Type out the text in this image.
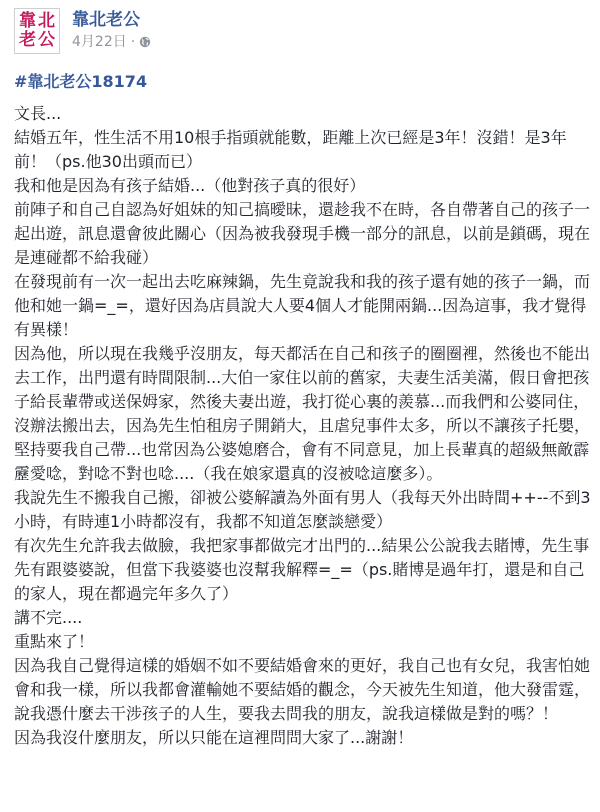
靠 北
老 公
靠北老公
4月22日 ·
#靠北老公18174
文長...
結婚五年，性生活不用10根手指頭就能數，距離上次已經是3年！沒錯！是3年前！（ps.他30出頭而已）
我和他是因為有孩子結婚...（他對孩子真的很好）
前陣子和自己自認為好姐妹的知己搞曖昧，還趁我不在時，各自帶著自己的孩子一起出遊，訊息還會彼此關心（因為被我發現手機一部分的訊息，以前是鎖碼，現在是連碰都不給我碰）
在發現前有一次一起出去吃麻辣鍋，先生竟說我和我的孩子還有她的孩子一鍋，而他和她一鍋=_=，還好因為店員說大人要4個人才能開兩鍋...因為這事，我才覺得有異樣！
因為他，所以現在我幾乎沒朋友，每天都活在自己和孩子的圈圈裡，然後也不能出去工作，出門還有時間限制...大伯一家住以前的舊家，夫妻生活美滿，假日會把孩子給長輩帶或送保姆家，然後夫妻出遊，我打從心裏的羨慕...而我們和公婆同住，沒辦法搬出去，因為先生怕租房子開銷大，且虐兒事件太多，所以不讓孩子托嬰，堅持要我自己帶...也常因為公婆媳磨合，會有不同意見，加上長輩真的超級無敵霹靂愛唸，對唸不對也唸....（我在娘家還真的沒被唸這麼多）。
我說先生不搬我自己搬，卻被公婆解讀為外面有男人（我每天外出時間++--不到3小時，有時連1小時都沒有，我都不知道怎麼談戀愛）
有次先生允許我去做臉，我把家事都做完才出門的...結果公公說我去賭博，先生事先有跟婆婆說，但當下我婆婆也沒幫我解釋=_=（ps.賭博是過年打，還是和自己的家人，現在都過完年多久了）
講不完....
重點來了！
因為我自己覺得這樣的婚姻不如不要結婚會來的更好，我自己也有女兒，我害怕她會和我一樣，所以我都會灌輸她不要結婚的觀念，今天被先生知道，他大發雷霆，說我憑什麼去干涉孩子的人生，要我去問我的朋友，說我這樣做是對的嗎？！
因為我沒什麼朋友，所以只能在這裡問問大家了...謝謝！
